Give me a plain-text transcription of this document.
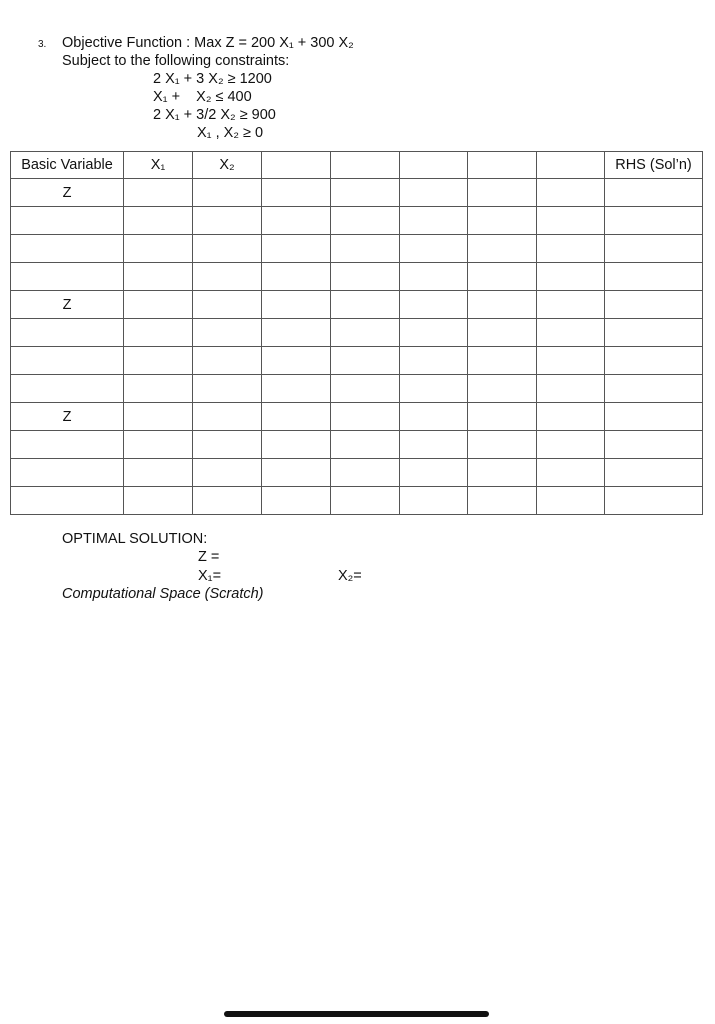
3. Objective Function : Max Z = 200 X₁ + 300 X₂
Subject to the following constraints:
2 X₁ + 3 X₂ ≥ 1200
X₁ +    X₂ ≤ 400
2 X₁ + 3/2 X₂ ≥ 900
X₁ , X₂ ≥ 0
Basic Variable	X₁	X₂						RHS (Sol’n)
Z								

Z								

Z								

OPTIMAL SOLUTION:
Z =
X₁=	X₂=
Computational Space (Scratch)
